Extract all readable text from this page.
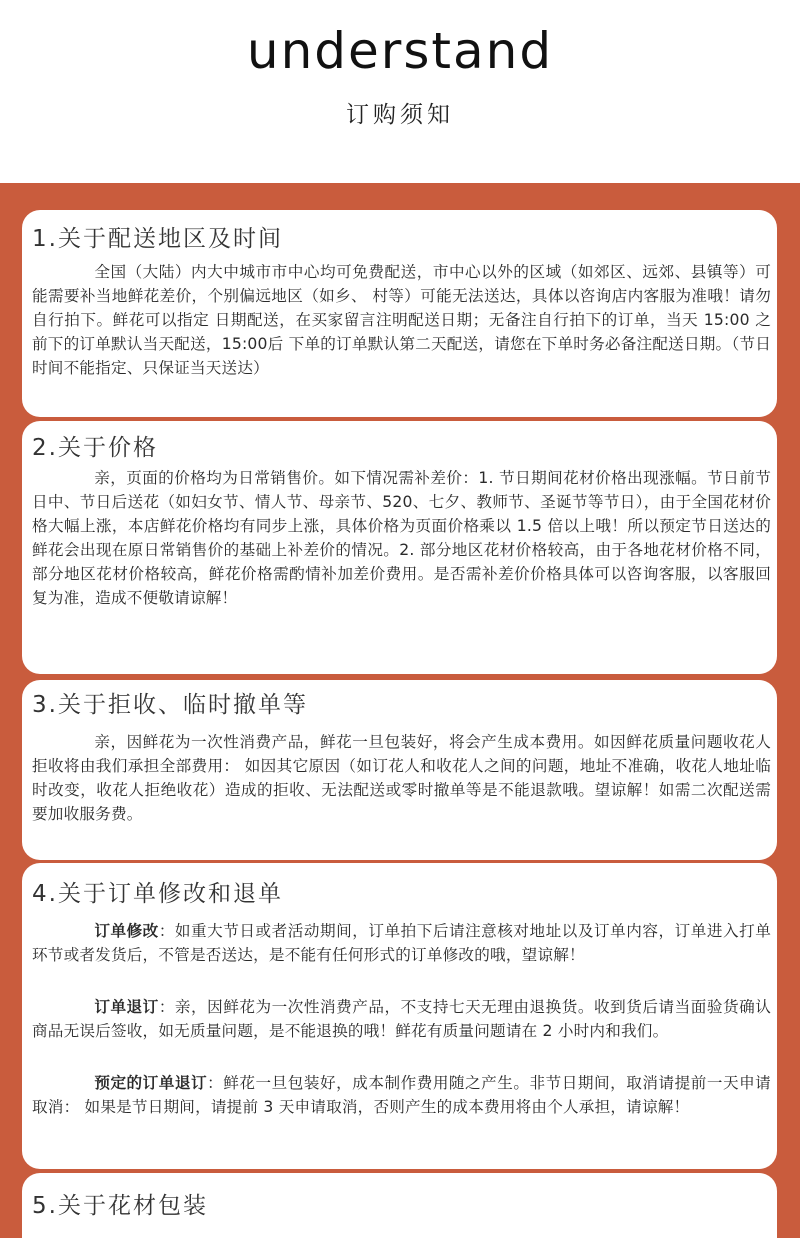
understand
订购须知
1.关于配送地区及时间

全国（大陆）内大中城市市中心均可免费配送，市中心以外的区域（如郊区、远郊、县镇等）可能需要补当地鲜花差价，个别偏远地区（如乡、 村等）可能无法送达，具体以咨询店内客服为准哦！请勿自行拍下。鲜花可以指定 日期配送，在买家留言注明配送日期；无备注自行拍下的订单，当天 15:00 之 前下的订单默认当天配送，15:00后 下单的订单默认第二天配送，请您在下单时务必备注配送日期。（节日时间不能指定、只保证当天送达）

2.关于价格

亲，页面的价格均为日常销售价。如下情况需补差价：1. 节日期间花材价格出现涨幅。节日前节日中、节日后送花（如妇女节、情人节、母亲节、520、七夕、教师节、圣诞节等节日），由于全国花材价格大幅上涨，本店鲜花价格均有同步上涨，具体价格为页面价格乘以 1.5 倍以上哦！所以预定节日送达的鲜花会出现在原日常销售价的基础上补差价的情况。2. 部分地区花材价格较高，由于各地花材价格不同，部分地区花材价格较高，鲜花价格需酌情补加差价费用。是否需补差价价格具体可以咨询客服，以客服回复为准，造成不便敬请谅解！

3.关于拒收、临时撤单等

亲，因鲜花为一次性消费产品，鲜花一旦包装好，将会产生成本费用。如因鲜花质量问题收花人拒收将由我们承担全部费用： 如因其它原因（如订花人和收花人之间的问题，地址不准确，收花人地址临时改变，收花人拒绝收花）造成的拒收、无法配送或零时撤单等是不能退款哦。望谅解！如需二次配送需要加收服务费。

4.关于订单修改和退单

订单修改：如重大节日或者活动期间，订单拍下后请注意核对地址以及订单内容，订单进入打单环节或者发货后，不管是否送达，是不能有任何形式的订单修改的哦，望谅解！

订单退订：亲，因鲜花为一次性消费产品，不支持七天无理由退换货。收到货后请当面验货确认商品无误后签收，如无质量问题，是不能退换的哦！鲜花有质量问题请在 2 小时内和我们。

预定的订单退订：鲜花一旦包装好，成本制作费用随之产生。非节日期间，取消请提前一天申请取消： 如果是节日期间，请提前 3 天申请取消，否则产生的成本费用将由个人承担，请谅解！

5.关于花材包装
